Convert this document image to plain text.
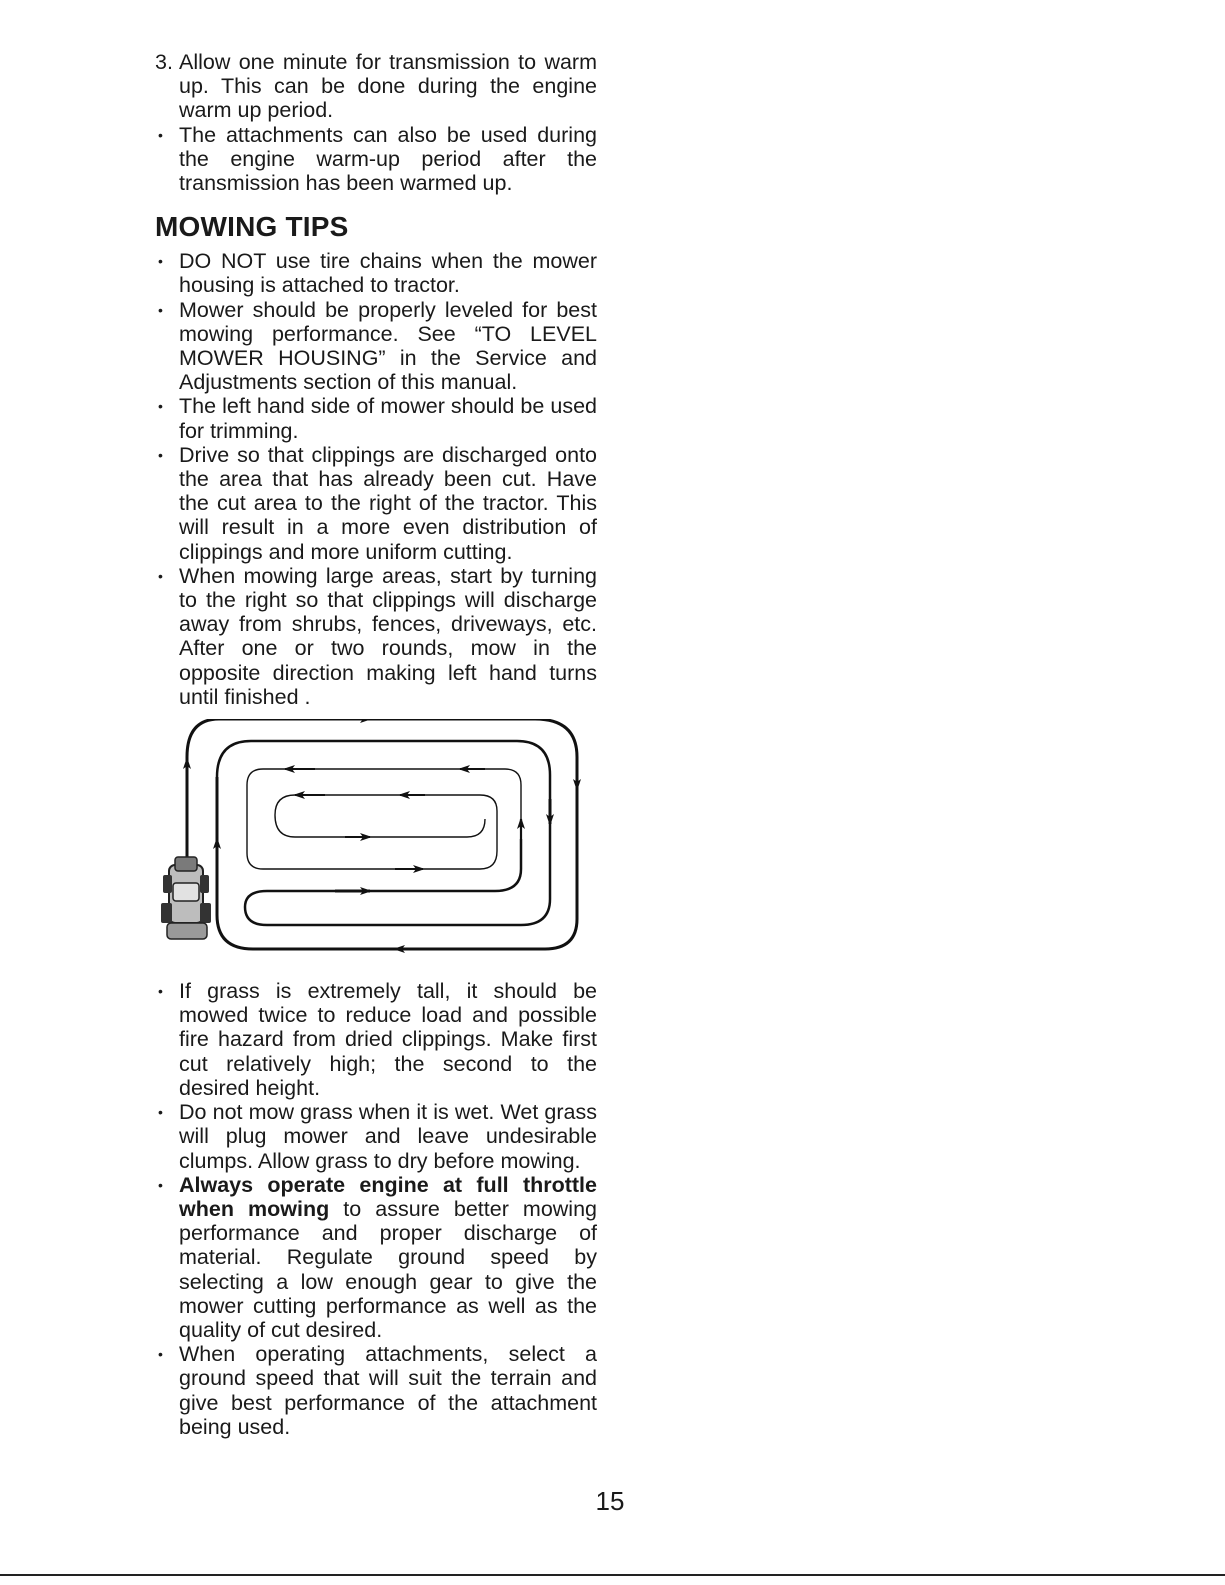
3. Allow one minute for transmission to warm up. This can be done during the engine warm up period.
• The attachments can also be used during the engine warm-up period after the transmission has been warmed up.
MOWING TIPS
• DO NOT use tire chains when the mower housing is attached to tractor.
• Mower should be properly leveled for best mowing performance. See “TO LEVEL MOWER HOUSING” in the Service and Adjustments section of this manual.
• The left hand side of mower should be used for trimming.
• Drive so that clippings are discharged onto the area that has already been cut. Have the cut area to the right of the tractor. This will result in a more even distribution of clippings and more uniform cutting.
• When mowing large areas, start by turning to the right so that clippings will discharge away from shrubs, fences, driveways, etc. After one or two rounds, mow in the opposite direction making left hand turns until finished .
• If grass is extremely tall, it should be mowed twice to reduce load and possible fire hazard from dried clippings. Make first cut relatively high; the second to the desired height.
• Do not mow grass when it is wet. Wet grass will plug mower and leave undesirable clumps. Allow grass to dry before mowing.
• Always operate engine at full throttle when mowing to assure better mowing performance and proper discharge of material. Regulate ground speed by selecting a low enough gear to give the mower cutting performance as well as the quality of cut desired.
• When operating attachments, select a ground speed that will suit the terrain and give best performance of the attachment being used.
15
